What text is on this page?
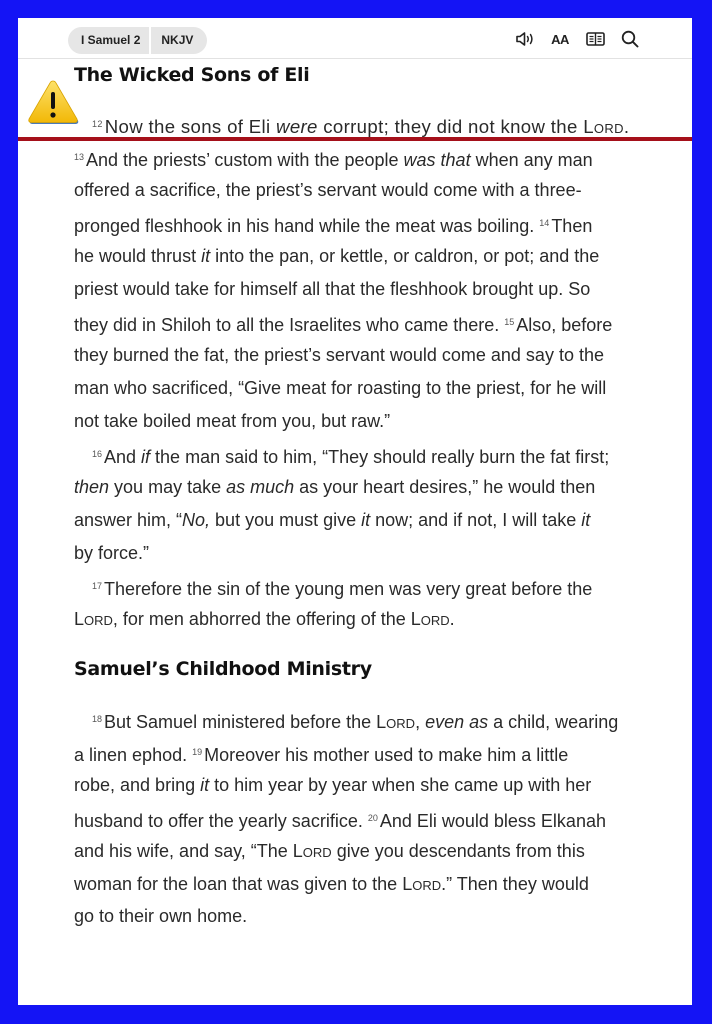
I Samuel 2	NKJV	AA
The Wicked Sons of Eli
$^{12}$ Now the sons of Eli were corrupt; they did not know the Lord.
$^{13}$ And the priests’ custom with the people was that when any man
offered a sacrifice, the priest’s servant would come with a three-
pronged fleshhook in his hand while the meat was boiling. $^{14}$ Then
he would thrust it into the pan, or kettle, or caldron, or pot; and the
priest would take for himself all that the fleshhook brought up. So
they did in Shiloh to all the Israelites who came there. $^{15}$ Also, before
they burned the fat, the priest’s servant would come and say to the
man who sacrificed, “Give meat for roasting to the priest, for he will
not take boiled meat from you, but raw.”
$^{16}$ And if the man said to him, “They should really burn the fat first;
then you may take as much as your heart desires,” he would then
answer him, “No, but you must give it now; and if not, I will take it
by force.”
$^{17}$ Therefore the sin of the young men was very great before the
Lord, for men abhorred the offering of the Lord.
Samuel’s Childhood Ministry
$^{18}$ But Samuel ministered before the Lord, even as a child, wearing
a linen ephod. $^{19}$ Moreover his mother used to make him a little
robe, and bring it to him year by year when she came up with her
husband to offer the yearly sacrifice. $^{20}$ And Eli would bless Elkanah
and his wife, and say, “The Lord give you descendants from this
woman for the loan that was given to the Lord.” Then they would
go to their own home.
